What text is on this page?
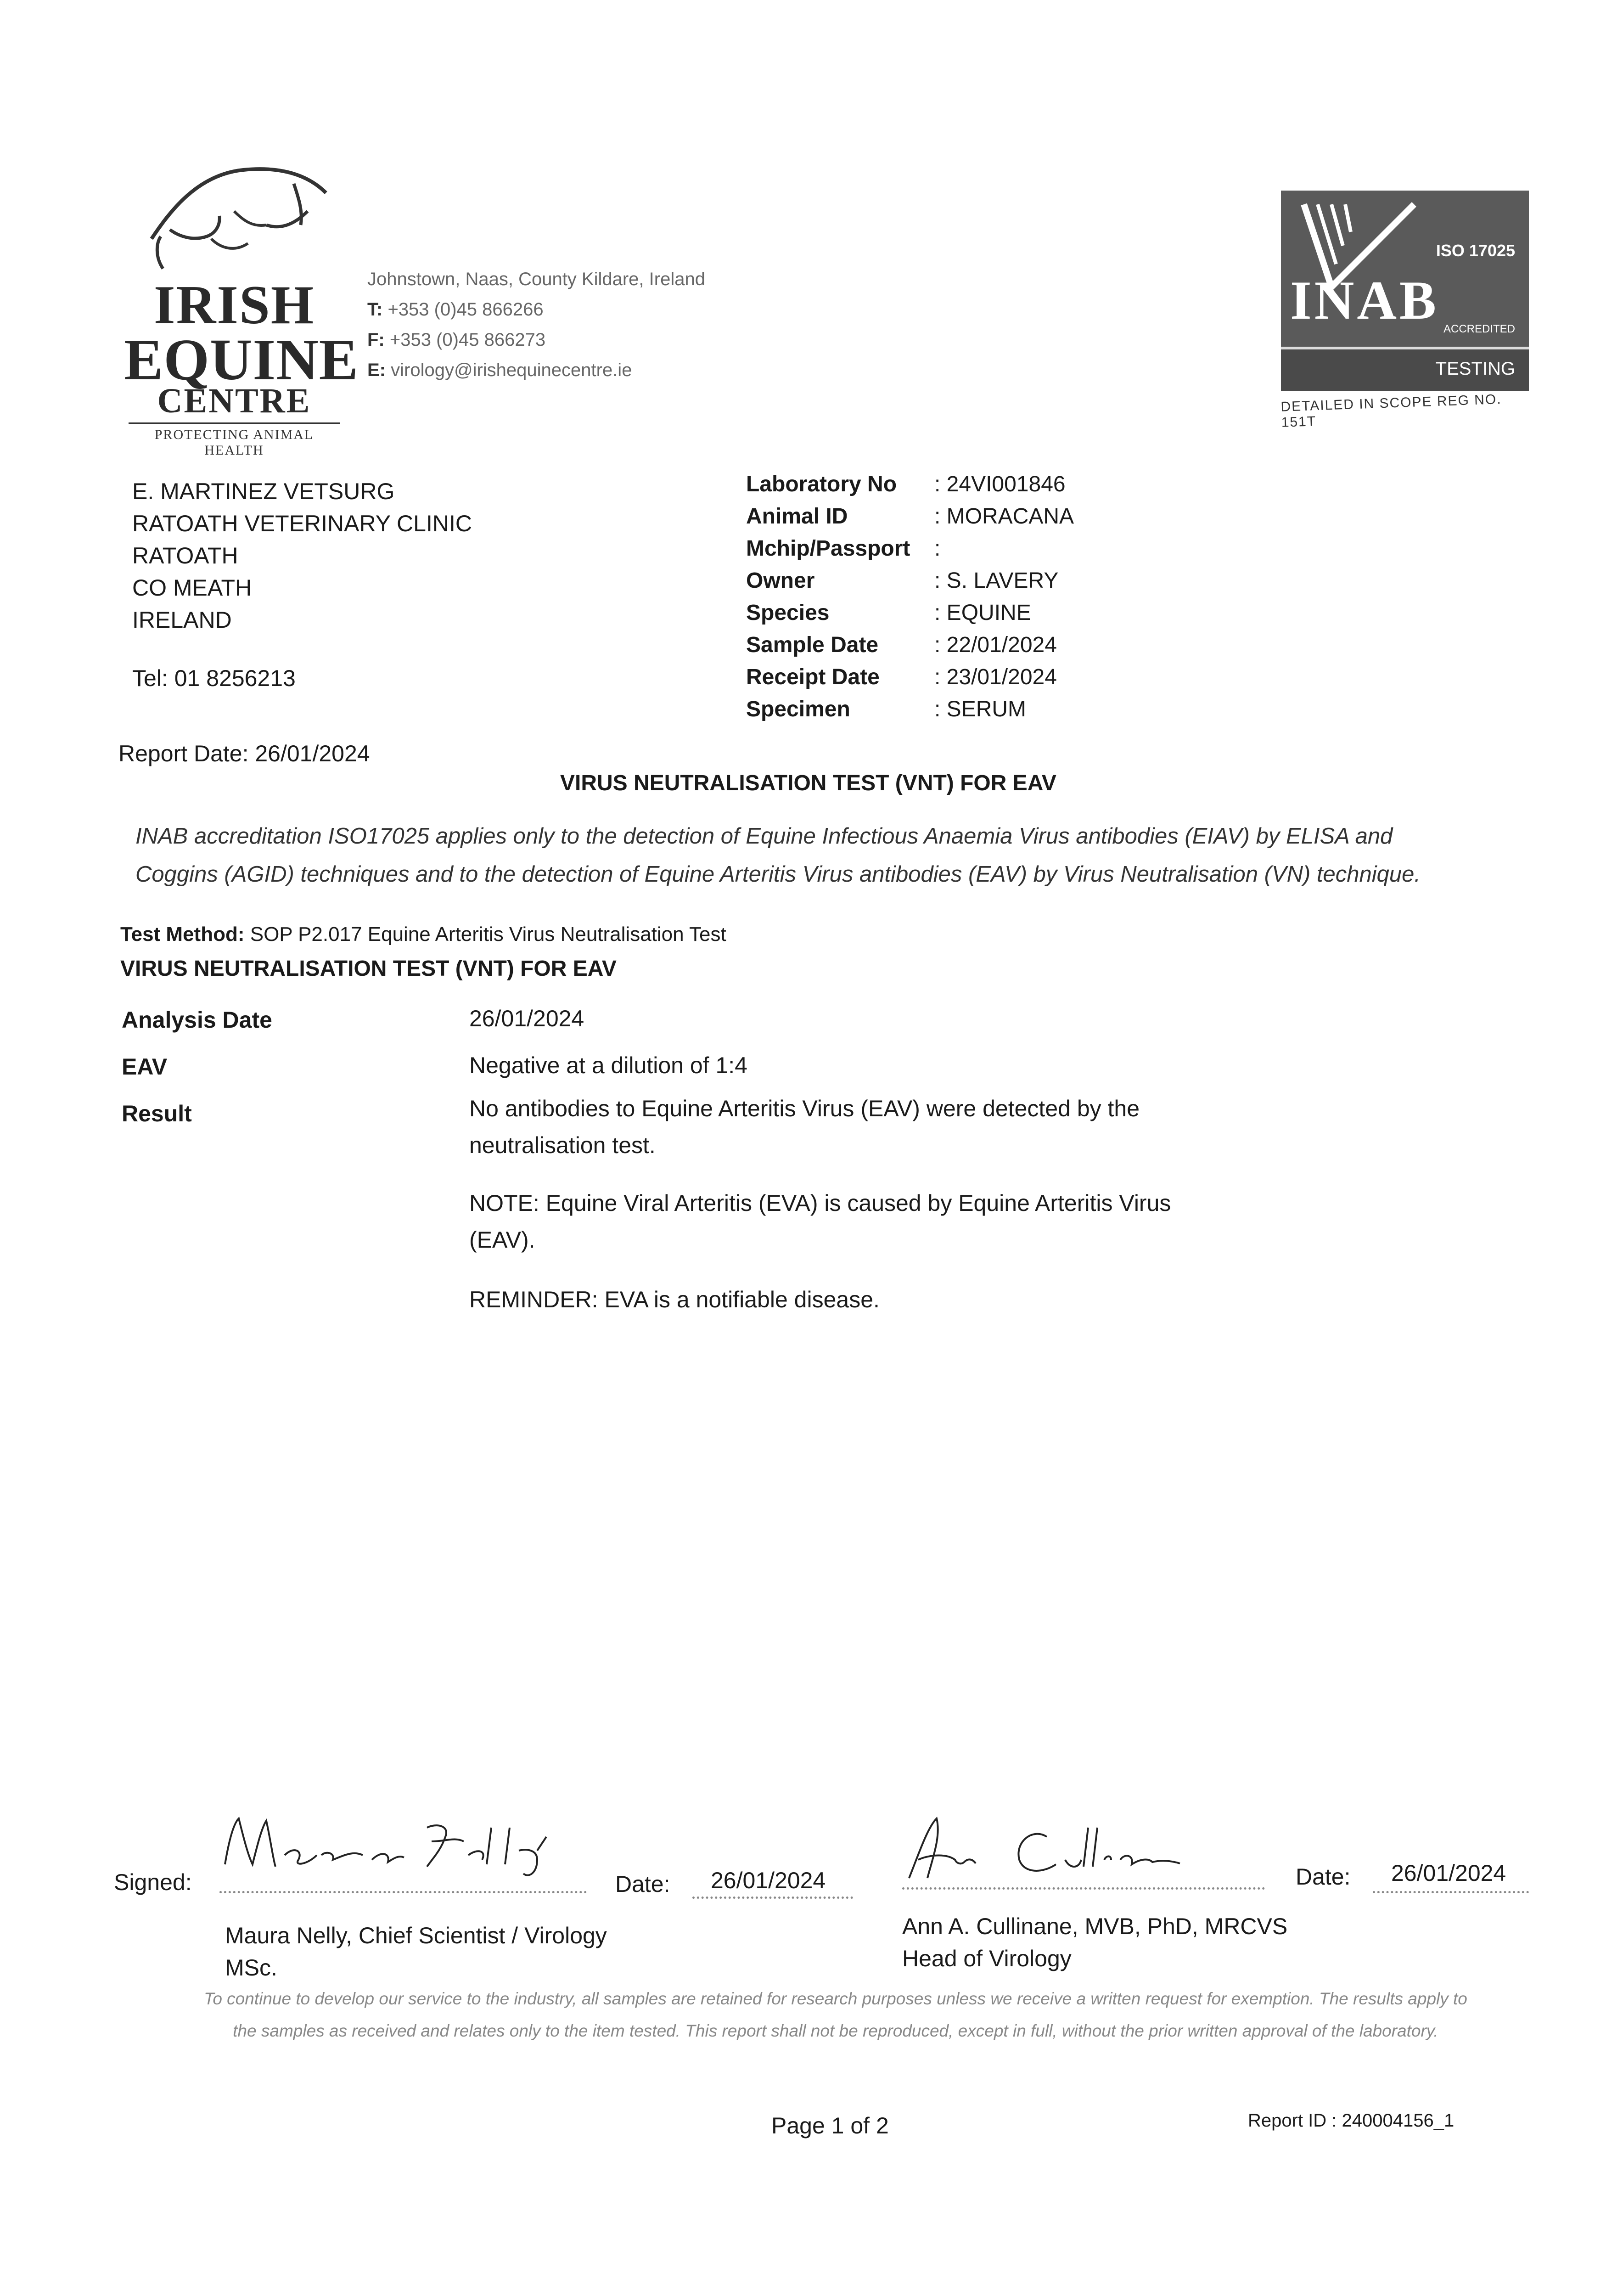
IRISH
EQUINE
CENTRE
PROTECTING ANIMAL HEALTH
Johnstown, Naas, County Kildare, Ireland
T: +353 (0)45 866266
F: +353 (0)45 866273
E: virology@irishequinecentre.ie
ISO 17025
INAB ACCREDITED
TESTING
DETAILED IN SCOPE REG NO. 151T
E. MARTINEZ VETSURG
RATOATH VETERINARY CLINIC
RATOATH
CO MEATH
IRELAND
Tel: 01 8256213
Laboratory No	: 24VI001846
Animal ID	: MORACANA
Mchip/Passport	:
Owner	: S. LAVERY
Species	: EQUINE
Sample Date	: 22/01/2024
Receipt Date	: 23/01/2024
Specimen	: SERUM
Report Date: 26/01/2024
VIRUS NEUTRALISATION TEST (VNT) FOR EAV
INAB accreditation ISO17025 applies only to the detection of Equine Infectious Anaemia Virus antibodies (EIAV) by ELISA and Coggins (AGID) techniques and to the detection of Equine Arteritis Virus antibodies (EAV) by Virus Neutralisation (VN) technique.
Test Method: SOP P2.017 Equine Arteritis Virus Neutralisation Test
VIRUS NEUTRALISATION TEST (VNT) FOR EAV
Analysis Date	26/01/2024
EAV	Negative at a dilution of 1:4
Result	No antibodies to Equine Arteritis Virus (EAV) were detected by the neutralisation test.
NOTE: Equine Viral Arteritis (EVA) is caused by Equine Arteritis Virus (EAV).
REMINDER: EVA is a notifiable disease.
Signed:
Maura Nelly, Chief Scientist / Virology
MSc.
Date: 26/01/2024
Ann A. Cullinane, MVB, PhD, MRCVS
Head of Virology
Date: 26/01/2024
To continue to develop our service to the industry, all samples are retained for research purposes unless we receive a written request for exemption. The results apply to the samples as received and relates only to the item tested. This report shall not be reproduced, except in full, without the prior written approval of the laboratory.
Page 1 of 2	Report ID : 240004156_1
